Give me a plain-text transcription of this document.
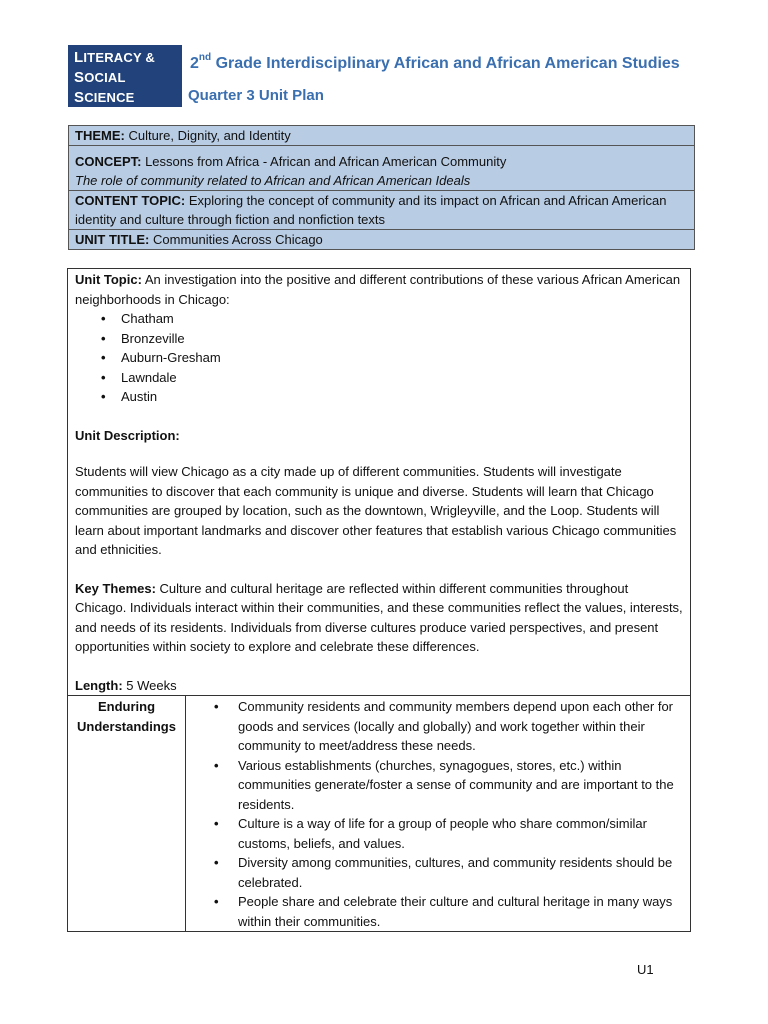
LITERACY &
SOCIAL SCIENCE
2nd Grade Interdisciplinary African and African American Studies
Quarter 3 Unit Plan
THEME: Culture, Dignity, and Identity
CONCEPT: Lessons from Africa - African and African American Community
The role of community related to African and African American Ideals
CONTENT TOPIC: Exploring the concept of community and its impact on African and African American identity and culture through fiction and nonfiction texts
UNIT TITLE: Communities Across Chicago

Unit Topic: An investigation into the positive and different contributions of these various African American neighborhoods in Chicago:

• Chatham
• Bronzeville
• Auburn-Gresham
• Lawndale
• Austin

Unit Description:

Students will view Chicago as a city made up of different communities. Students will investigate communities to discover that each community is unique and diverse. Students will learn that Chicago communities are grouped by location, such as the downtown, Wrigleyville, and the Loop. Students will learn about important landmarks and discover other features that establish various Chicago communities and ethnicities.

Key Themes: Culture and cultural heritage are reflected within different communities throughout Chicago. Individuals interact within their communities, and these communities reflect the values, interests, and needs of its residents. Individuals from diverse cultures produce varied perspectives, and present opportunities within society to explore and celebrate these differences.

Length: 5 Weeks

Enduring Understandings
• Community residents and community members depend upon each other for goods and services (locally and globally) and work together within their community to meet/address these needs.
• Various establishments (churches, synagogues, stores, etc.) within communities generate/foster a sense of community and are important to the residents.
• Culture is a way of life for a group of people who share common/similar customs, beliefs, and values.
• Diversity among communities, cultures, and community residents should be celebrated.
• People share and celebrate their culture and cultural heritage in many ways within their communities.
U1
